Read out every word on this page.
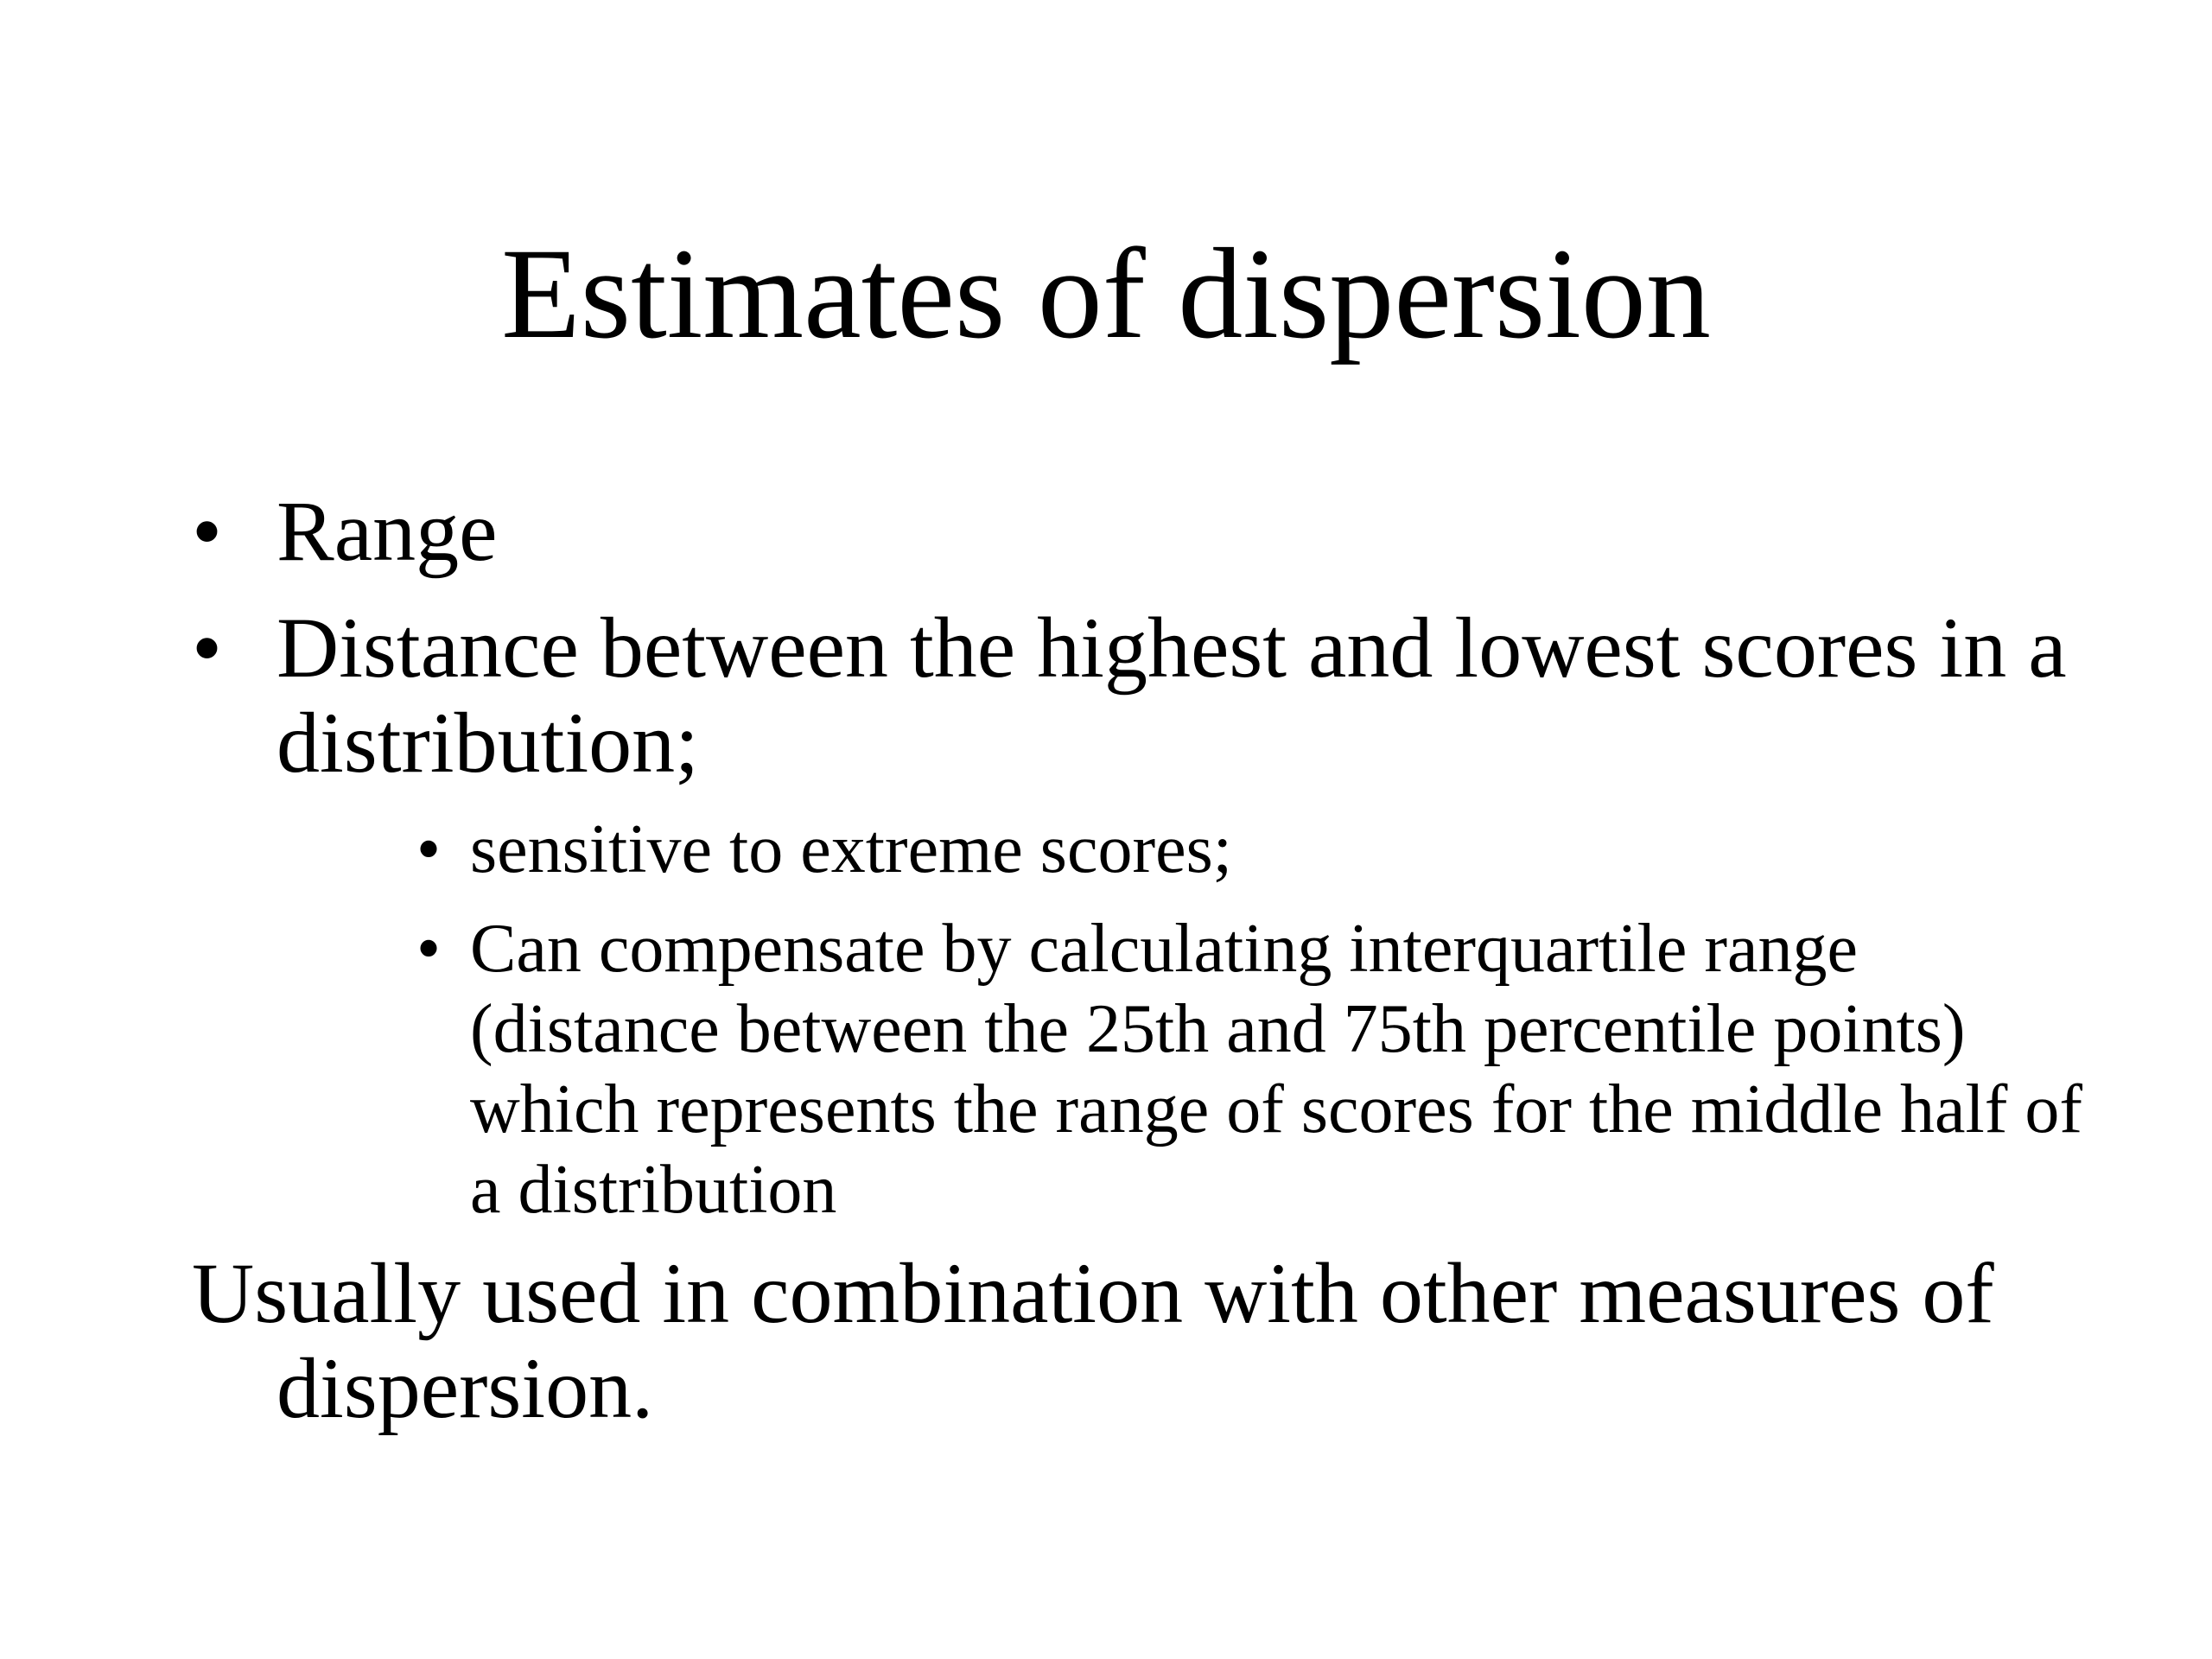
Estimates of dispersion

• Range

• Distance between the highest and lowest scores in a distribution;

• sensitive to extreme scores;

• Can compensate by calculating interquartile range (distance between the 25th and 75th percentile points) which represents the range of scores for the middle half of a distribution

Usually used in combination with other measures of dispersion.
